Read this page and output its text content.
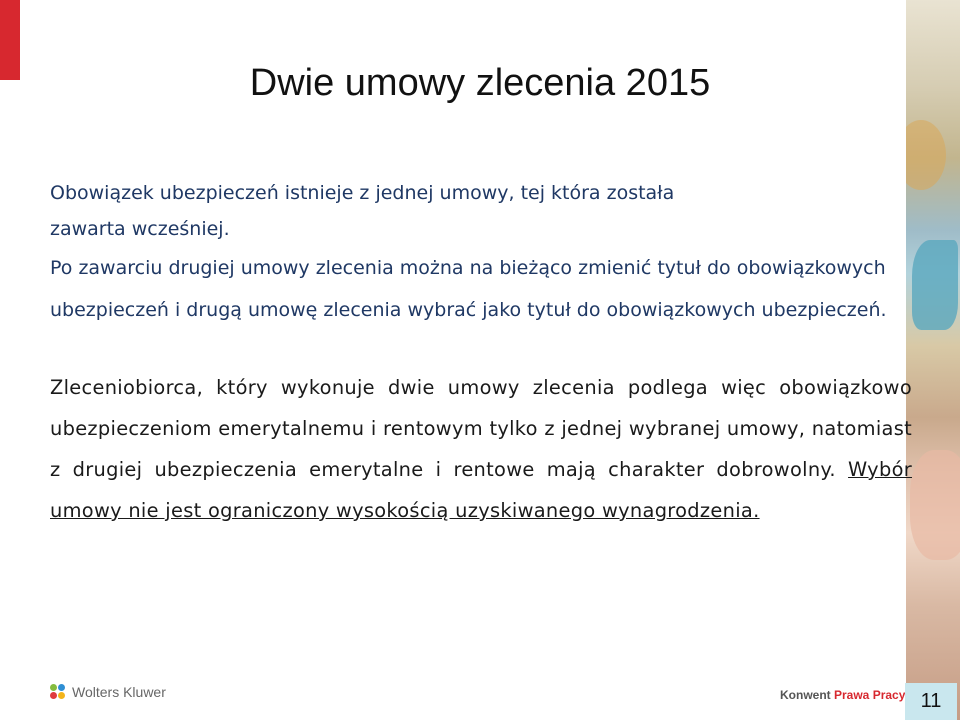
Dwie umowy zlecenia 2015

Obowiązek ubezpieczeń istnieje z jednej umowy, tej która została
zawarta wcześniej.

Po zawarciu drugiej umowy zlecenia można na bieżąco zmienić tytuł do obowiązkowych ubezpieczeń i drugą umowę zlecenia wybrać jako tytuł do obowiązkowych ubezpieczeń.

Zleceniobiorca, który wykonuje dwie umowy zlecenia podlega więc obowiązkowo ubezpieczeniom emerytalnemu i rentowym tylko z jednej wybranej umowy, natomiast z drugiej ubezpieczenia emerytalne i rentowe mają charakter dobrowolny. Wybór umowy nie jest ograniczony wysokością uzyskiwanego wynagrodzenia.

Wolters Kluwer	Konwent Prawa Pracy 11
